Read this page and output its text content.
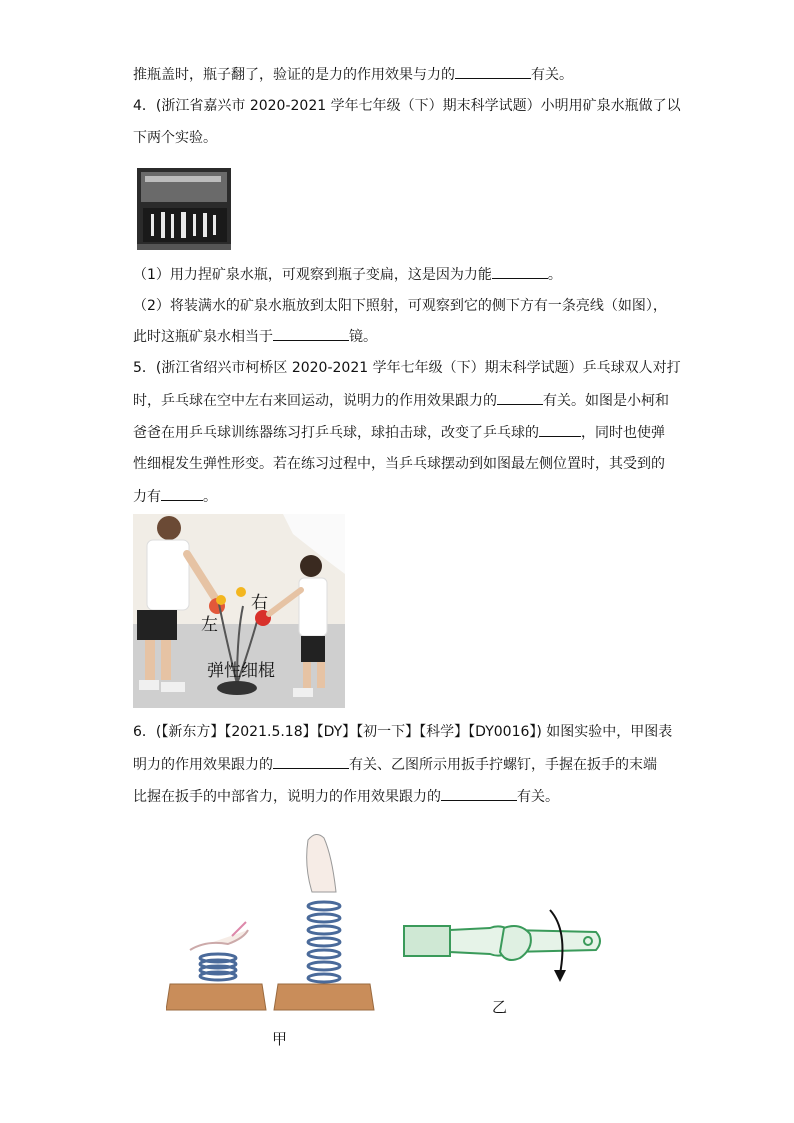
推瓶盖时，瓶子翻了，验证的是力的作用效果与力的	有关。
4．(浙江省嘉兴市 2020-2021 学年七年级（下）期末科学试题）小明用矿泉水瓶做了以
下两个实验。
（1）用力捏矿泉水瓶，可观察到瓶子变扁，这是因为力能	。
（2）将装满水的矿泉水瓶放到太阳下照射，可观察到它的侧下方有一条亮线（如图），
此时这瓶矿泉水相当于	镜。
5．(浙江省绍兴市柯桥区 2020-2021 学年七年级（下）期末科学试题）乒乓球双人对打
时，乒乓球在空中左右来回运动，说明力的作用效果跟力的	有关。如图是小柯和
爸爸在用乒乓球训练器练习打乒乓球，球拍击球，改变了乒乓球的	，同时也使弹
性细棍发生弹性形变。若在练习过程中，当乒乓球摆动到如图最左侧位置时，其受到的
力有	。
左
右
弹性细棍
6．(【新东方】【2021.5.18】【DY】【初一下】【科学】【DY0016】) 如图实验中，甲图表
明力的作用效果跟力的	有关、乙图所示用扳手拧螺钉，手握在扳手的末端
比握在扳手的中部省力，说明力的作用效果跟力的	有关。
甲
乙
